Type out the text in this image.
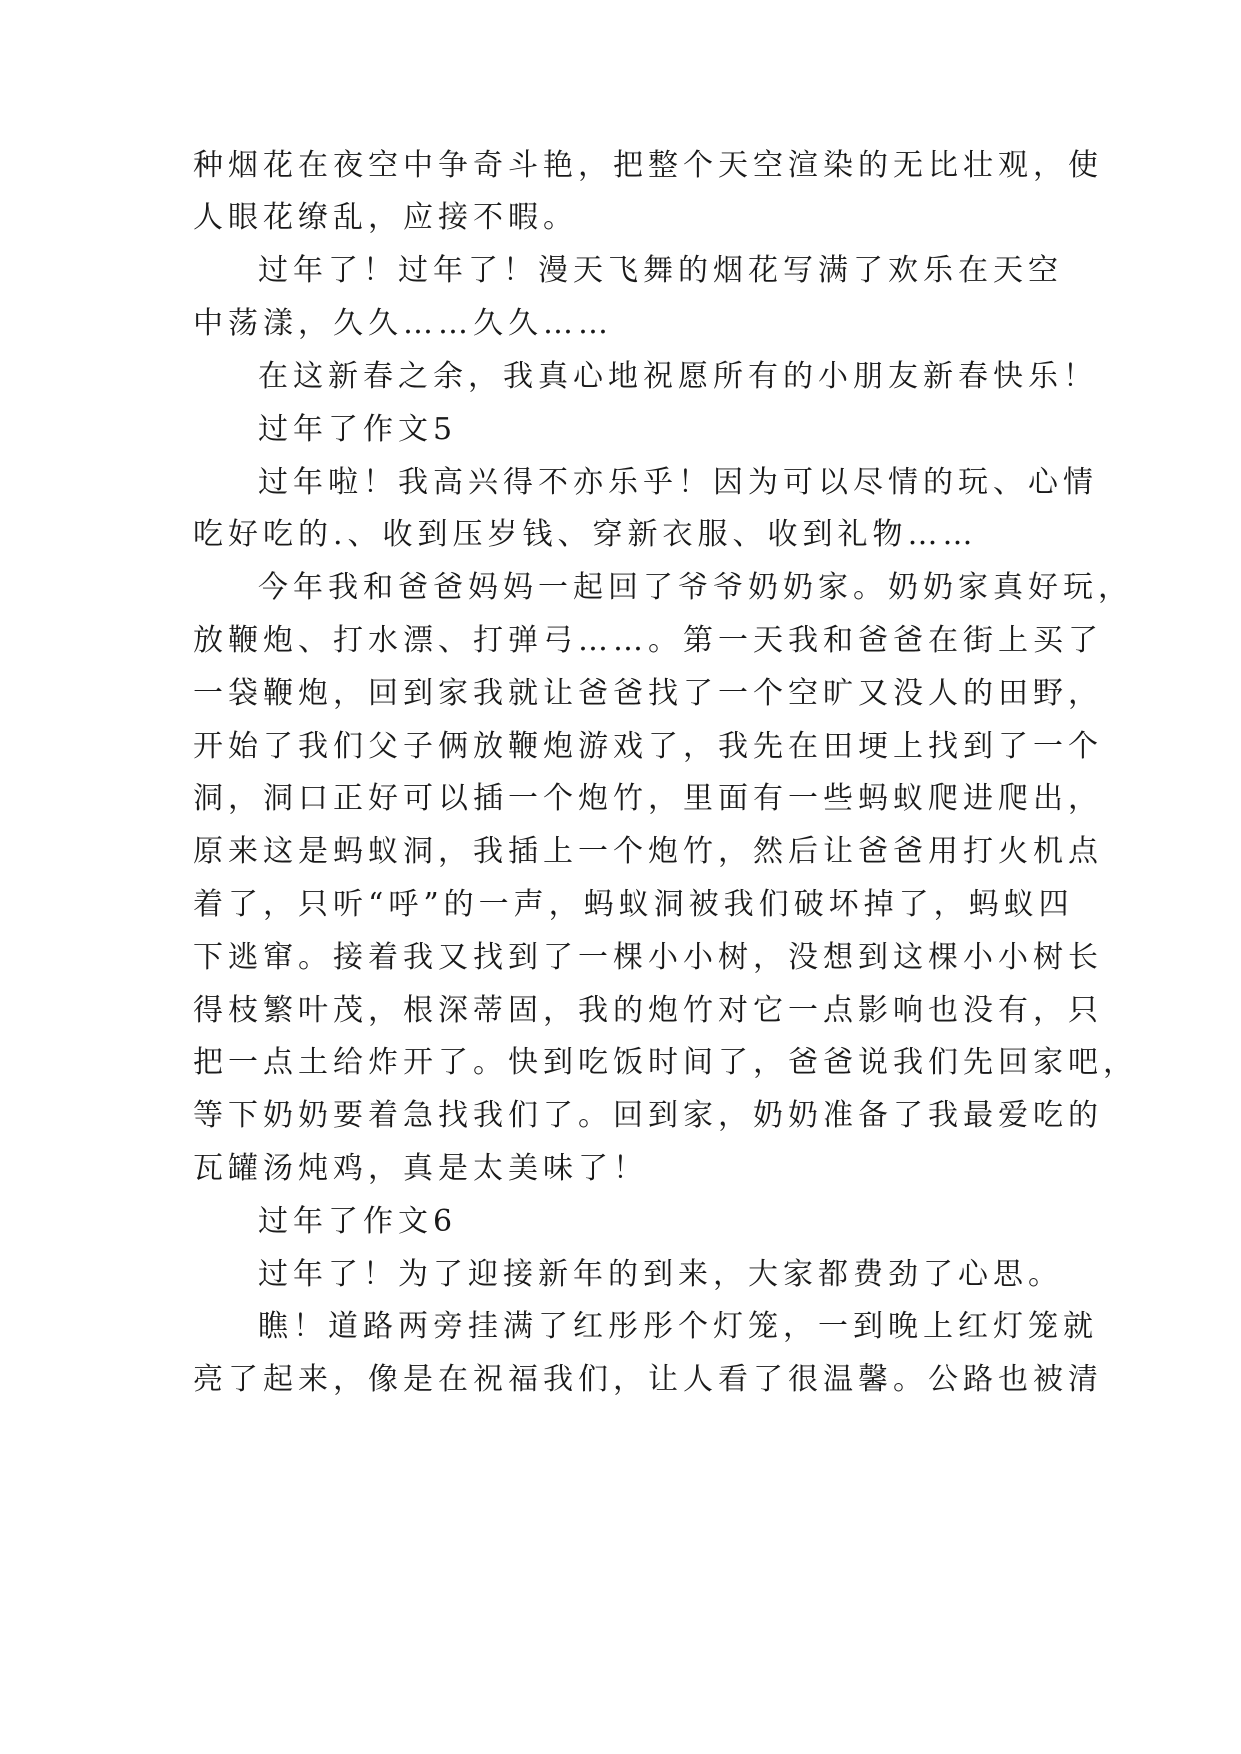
种烟花在夜空中争奇斗艳，把整个天空渲染的无比壮观，使
人眼花缭乱，应接不暇。
过年了！过年了！漫天飞舞的烟花写满了欢乐在天空
中荡漾，久久……久久……
在这新春之余，我真心地祝愿所有的小朋友新春快乐！
过年了作文5
过年啦！我高兴得不亦乐乎！因为可以尽情的玩、心情
吃好吃的.、收到压岁钱、穿新衣服、收到礼物……
今年我和爸爸妈妈一起回了爷爷奶奶家。奶奶家真好玩，
放鞭炮、打水漂、打弹弓……。第一天我和爸爸在街上买了
一袋鞭炮，回到家我就让爸爸找了一个空旷又没人的田野，
开始了我们父子俩放鞭炮游戏了，我先在田埂上找到了一个
洞，洞口正好可以插一个炮竹，里面有一些蚂蚁爬进爬出，
原来这是蚂蚁洞，我插上一个炮竹，然后让爸爸用打火机点
着了，只听“呼”的一声，蚂蚁洞被我们破坏掉了，蚂蚁四
下逃窜。接着我又找到了一棵小小树，没想到这棵小小树长
得枝繁叶茂，根深蒂固，我的炮竹对它一点影响也没有，只
把一点土给炸开了。快到吃饭时间了，爸爸说我们先回家吧，
等下奶奶要着急找我们了。回到家，奶奶准备了我最爱吃的
瓦罐汤炖鸡，真是太美味了！
过年了作文6
过年了！为了迎接新年的到来，大家都费劲了心思。
瞧！道路两旁挂满了红彤彤个灯笼，一到晚上红灯笼就
亮了起来，像是在祝福我们，让人看了很温馨。公路也被清
